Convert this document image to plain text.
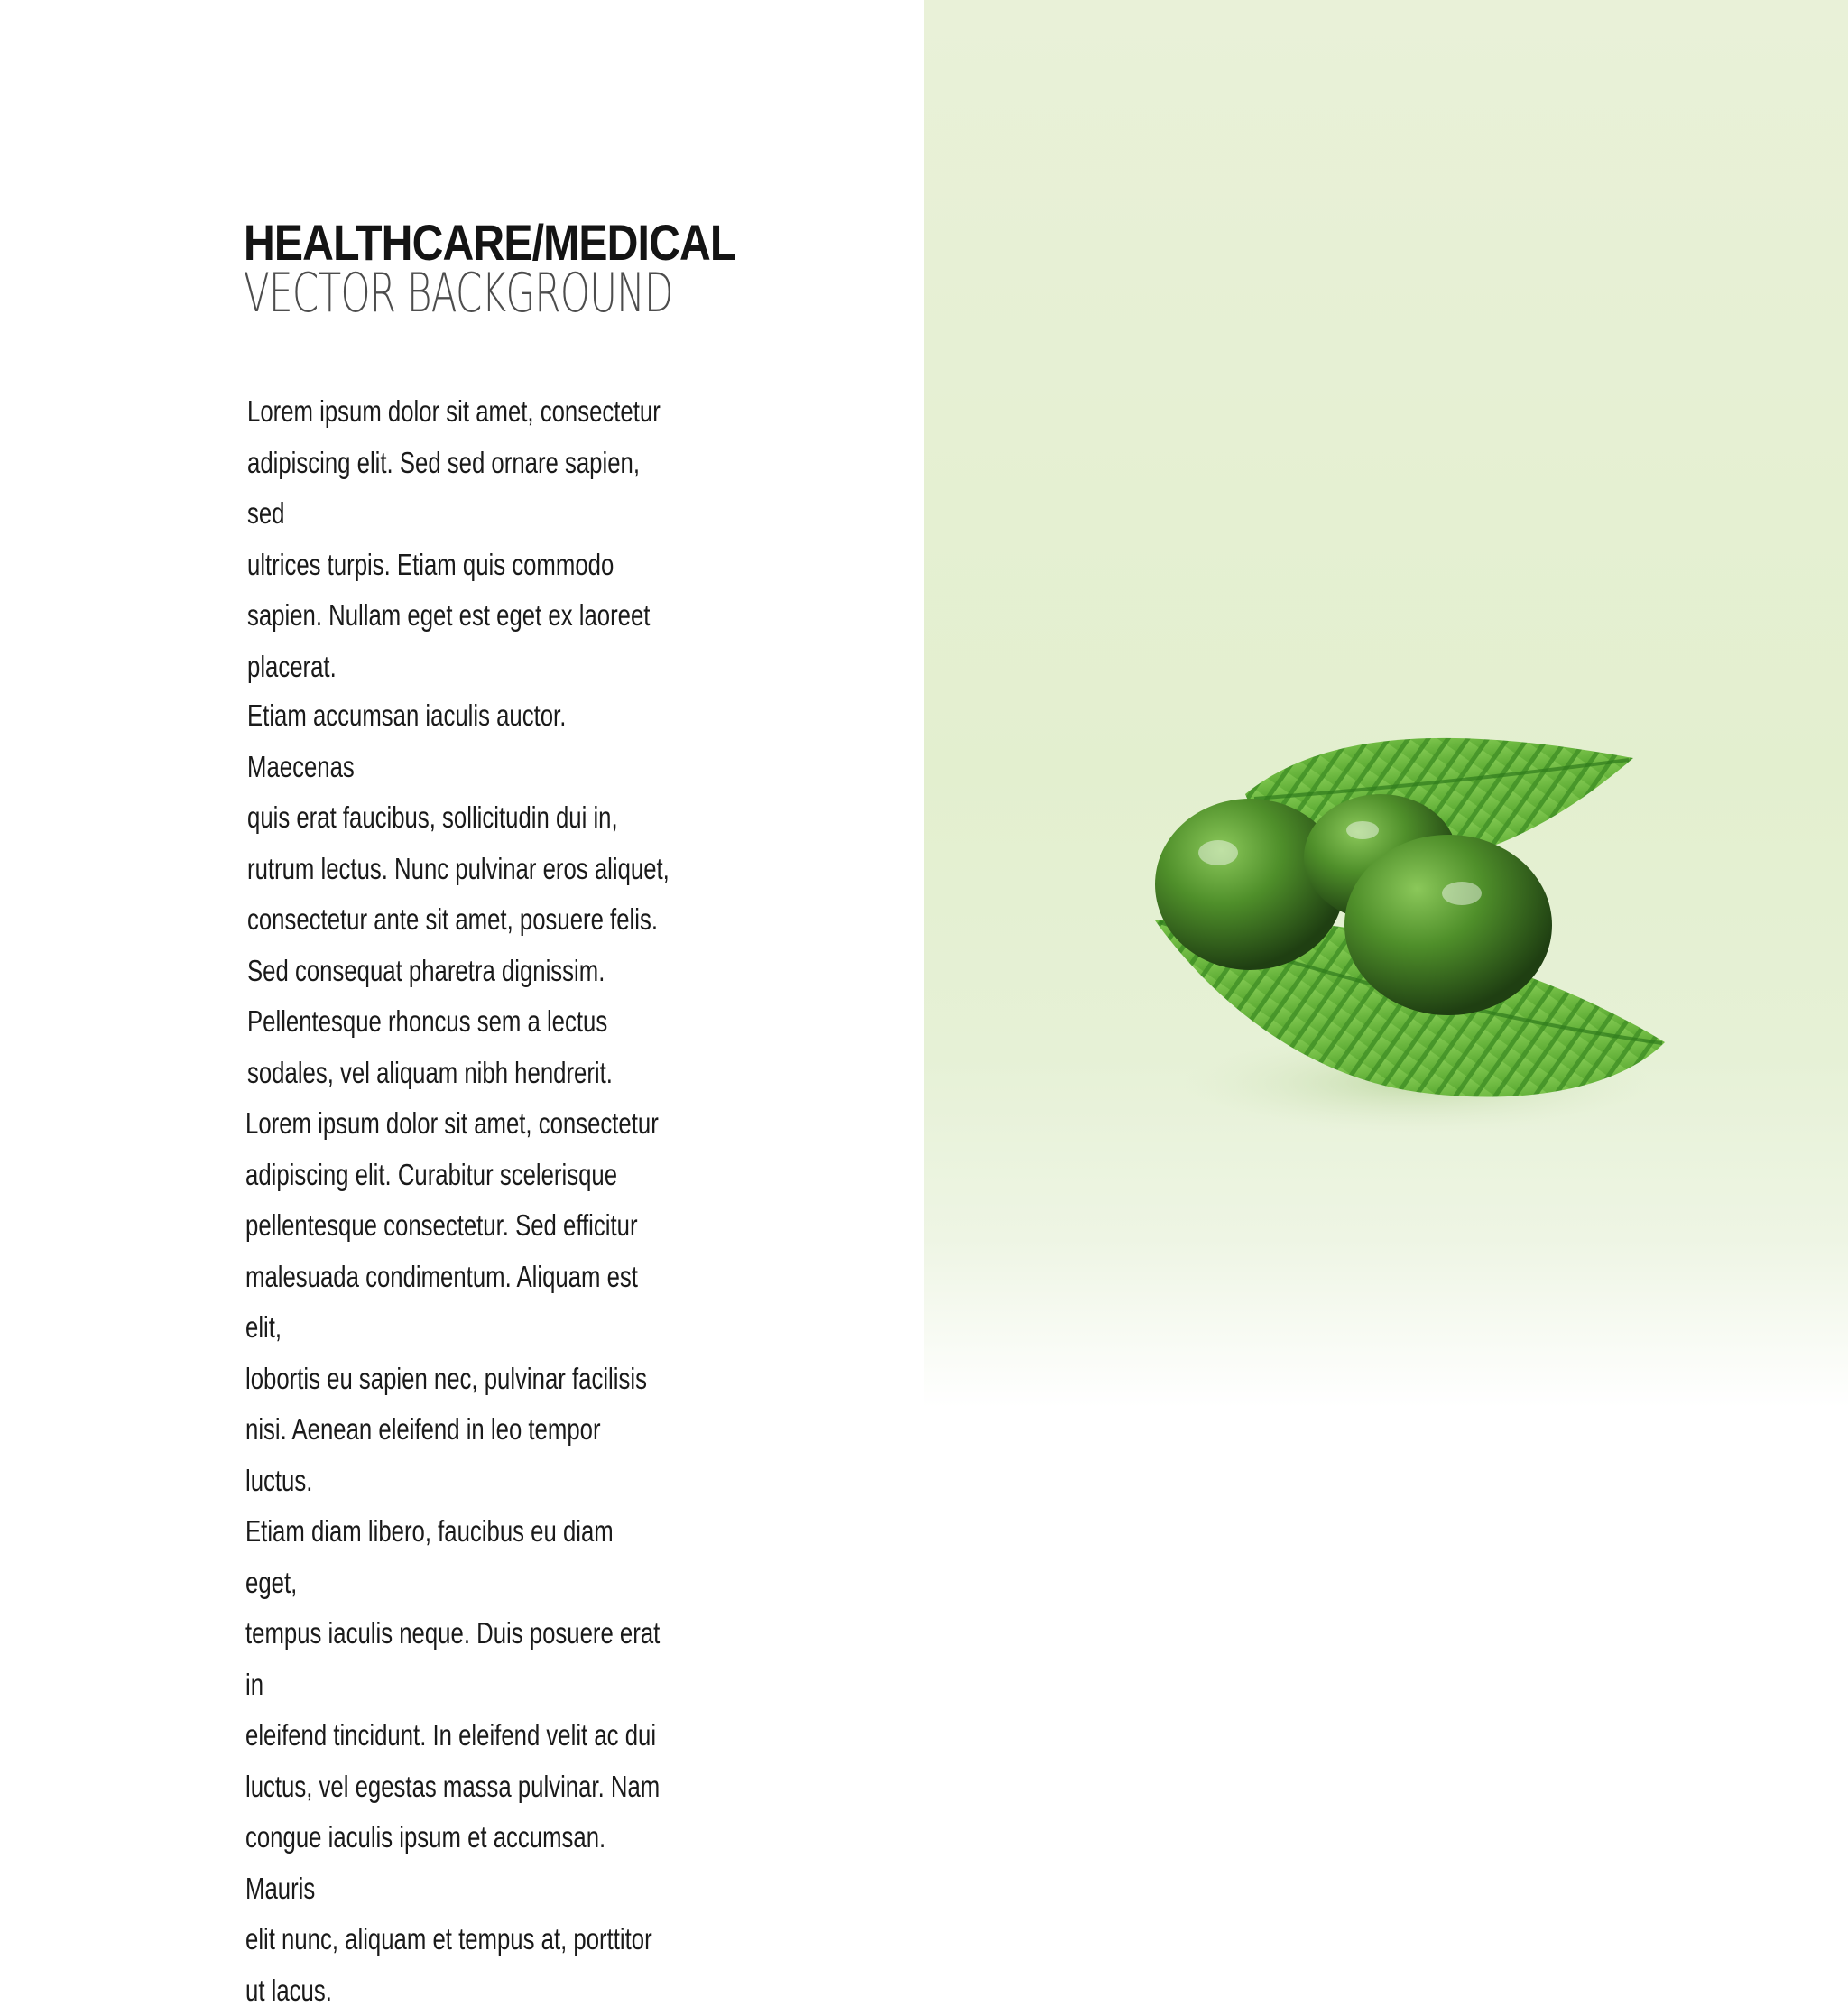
HEALTHCARE/MEDICAL
VECTOR BACKGROUND
Lorem ipsum dolor sit amet, consectetur
adipiscing elit. Sed sed ornare sapien, sed
ultrices turpis. Etiam quis commodo
sapien. Nullam eget est eget ex laoreet
placerat.
Etiam accumsan iaculis auctor. Maecenas
quis erat faucibus, sollicitudin dui in,
rutrum lectus. Nunc pulvinar eros aliquet,
consectetur ante sit amet, posuere felis.
Sed consequat pharetra dignissim.
Pellentesque rhoncus sem a lectus
sodales, vel aliquam nibh hendrerit.
Lorem ipsum dolor sit amet, consectetur
adipiscing elit. Curabitur scelerisque
pellentesque consectetur. Sed efficitur
malesuada condimentum. Aliquam est elit,
lobortis eu sapien nec, pulvinar facilisis
nisi. Aenean eleifend in leo tempor luctus.
Etiam diam libero, faucibus eu diam eget,
tempus iaculis neque. Duis posuere erat in
eleifend tincidunt. In eleifend velit ac dui
luctus, vel egestas massa pulvinar. Nam
congue iaculis ipsum et accumsan. Mauris
elit nunc, aliquam et tempus at, porttitor
ut lacus.
